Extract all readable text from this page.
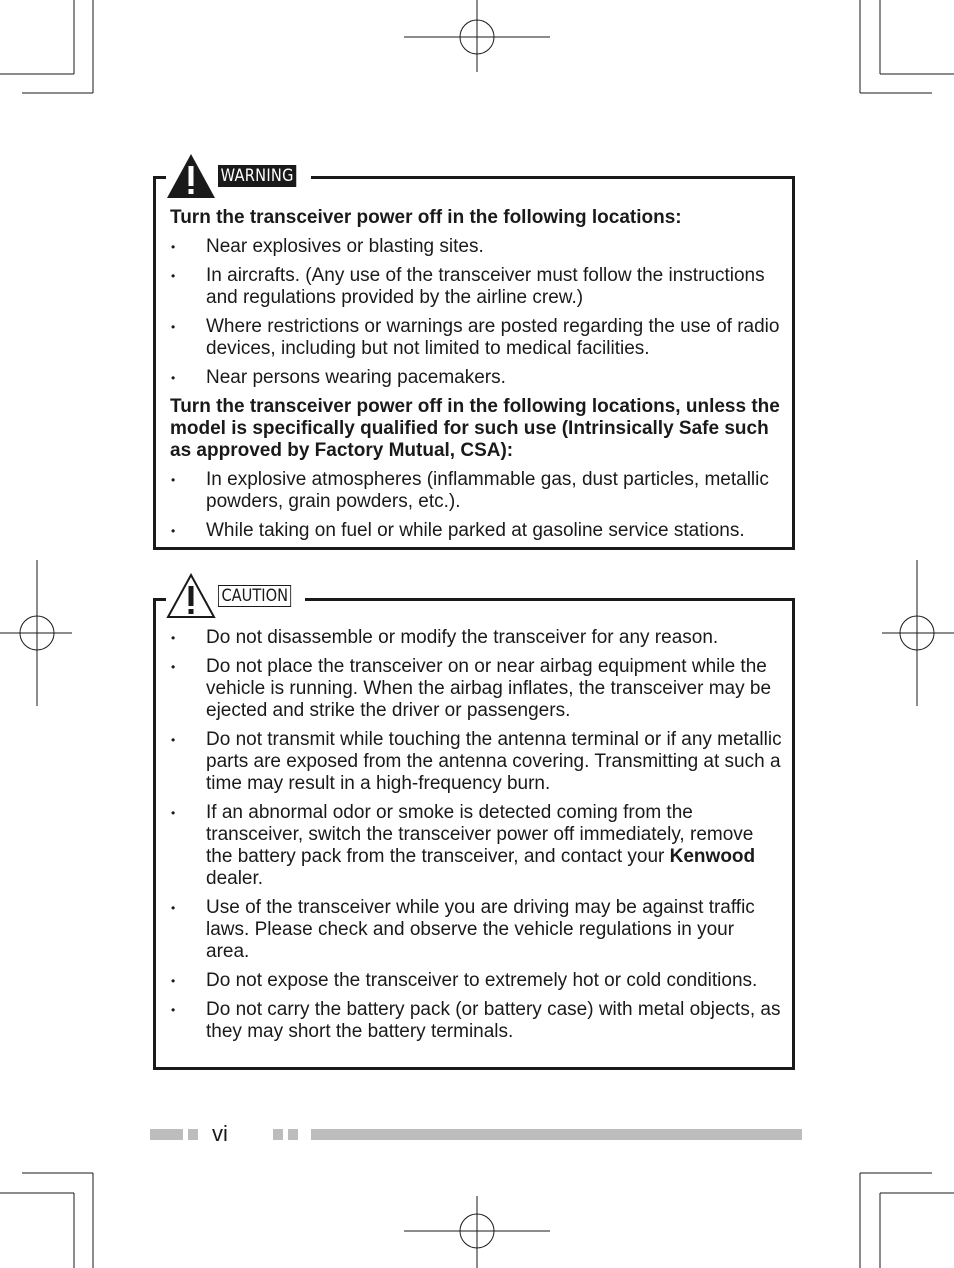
WARNING

Turn the transceiver power off in the following locations:

• Near explosives or blasting sites.
• In aircrafts. (Any use of the transceiver must follow the instructions and regulations provided by the airline crew.)
• Where restrictions or warnings are posted regarding the use of radio devices, including but not limited to medical facilities.
• Near persons wearing pacemakers.

Turn the transceiver power off in the following locations, unless the model is specifically qualified for such use (Intrinsically Safe such as approved by Factory Mutual, CSA):

• In explosive atmospheres (inflammable gas, dust particles, metallic powders, grain powders, etc.).
• While taking on fuel or while parked at gasoline service stations.
CAUTION
• Do not disassemble or modify the transceiver for any reason.
• Do not place the transceiver on or near airbag equipment while the vehicle is running. When the airbag inflates, the transceiver may be ejected and strike the driver or passengers.
• Do not transmit while touching the antenna terminal or if any metallic parts are exposed from the antenna covering. Transmitting at such a time may result in a high-frequency burn.
• If an abnormal odor or smoke is detected coming from the transceiver, switch the transceiver power off immediately, remove the battery pack from the transceiver, and contact your Kenwood dealer.
• Use of the transceiver while you are driving may be against traffic laws. Please check and observe the vehicle regulations in your area.
• Do not expose the transceiver to extremely hot or cold conditions.
• Do not carry the battery pack (or battery case) with metal objects, as they may short the battery terminals.
vi
